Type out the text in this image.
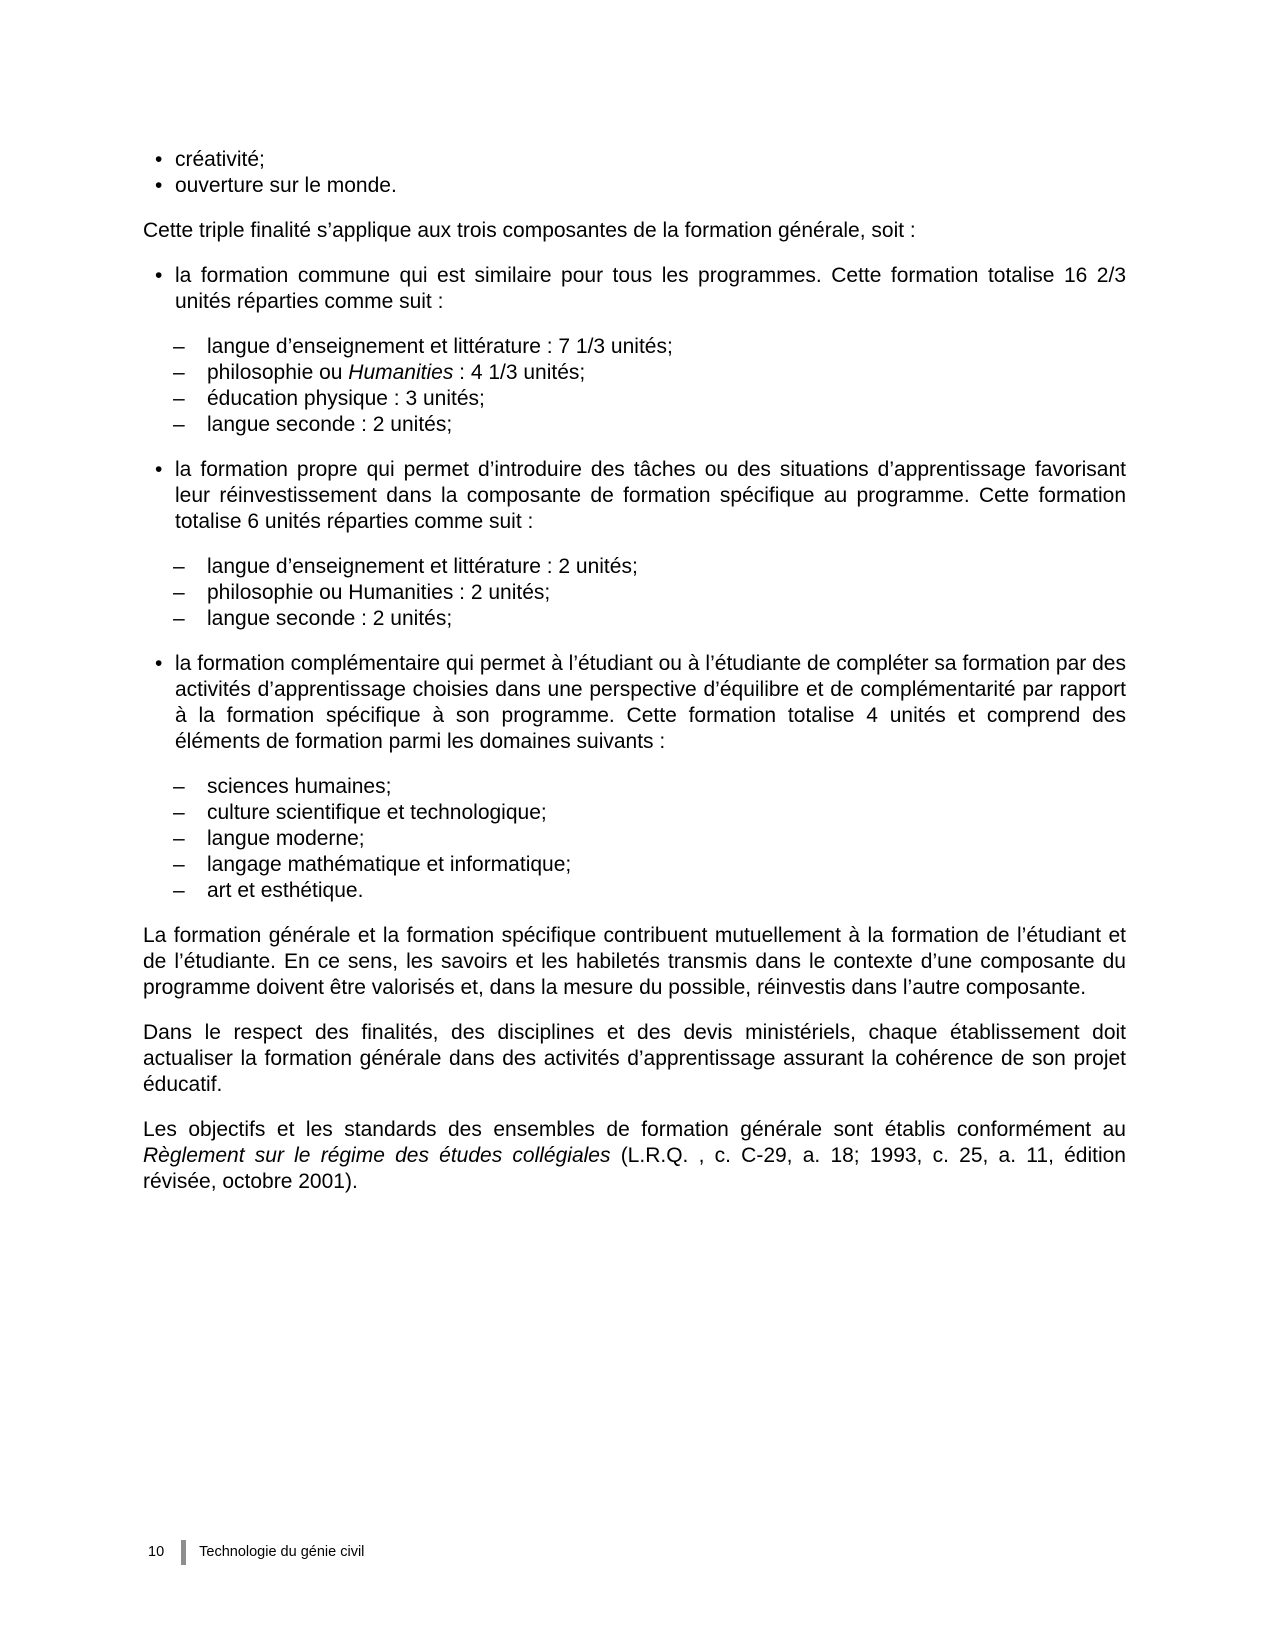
• créativité;
• ouverture sur le monde.

Cette triple finalité s’applique aux trois composantes de la formation générale, soit :

• la formation commune qui est similaire pour tous les programmes. Cette formation totalise 16 2/3 unités réparties comme suit :
– langue d’enseignement et littérature : 7 1/3 unités;
– philosophie ou Humanities : 4 1/3 unités;
– éducation physique : 3 unités;
– langue seconde : 2 unités;
• la formation propre qui permet d’introduire des tâches ou des situations d’apprentissage favorisant leur réinvestissement dans la composante de formation spécifique au programme. Cette formation totalise 6 unités réparties comme suit :
– langue d’enseignement et littérature : 2 unités;
– philosophie ou Humanities : 2 unités;
– langue seconde : 2 unités;
• la formation complémentaire qui permet à l’étudiant ou à l’étudiante de compléter sa formation par des activités d’apprentissage choisies dans une perspective d’équilibre et de complémentarité par rapport à la formation spécifique à son programme. Cette formation totalise 4 unités et comprend des éléments de formation parmi les domaines suivants :
– sciences humaines;
– culture scientifique et technologique;
– langue moderne;
– langage mathématique et informatique;
– art et esthétique.

La formation générale et la formation spécifique contribuent mutuellement à la formation de l’étudiant et de l’étudiante. En ce sens, les savoirs et les habiletés transmis dans le contexte d’une composante du programme doivent être valorisés et, dans la mesure du possible, réinvestis dans l’autre composante.

Dans le respect des finalités, des disciplines et des devis ministériels, chaque établissement doit actualiser la formation générale dans des activités d’apprentissage assurant la cohérence de son projet éducatif.

Les objectifs et les standards des ensembles de formation générale sont établis conformément au Règlement sur le régime des études collégiales (L.R.Q. , c. C-29, a. 18; 1993, c. 25, a. 11, édition révisée, octobre 2001).

10 Technologie du génie civil
